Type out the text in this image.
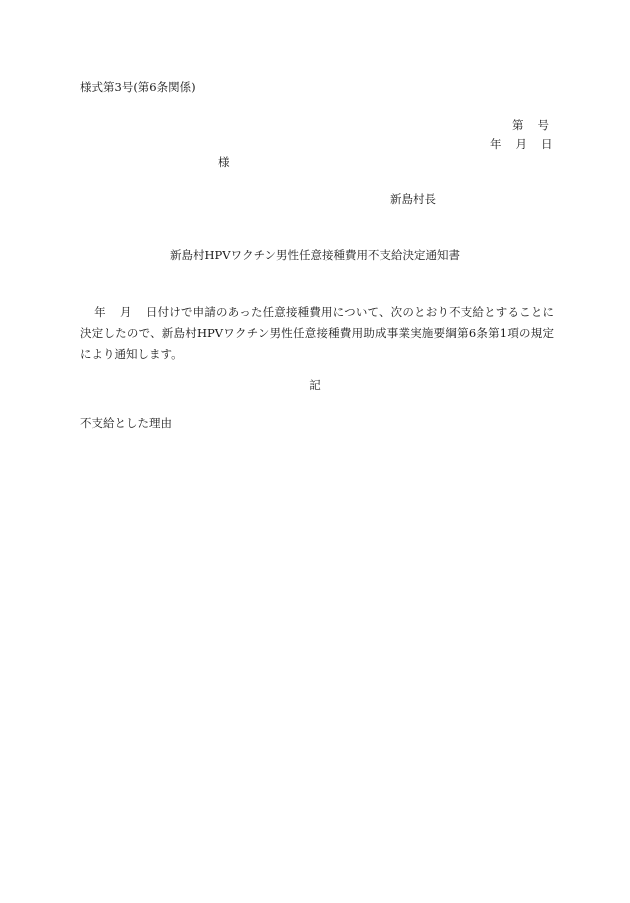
様式第3号(第6条関係)
第 号
年 月 日
様
新島村長
新島村HPVワクチン男性任意接種費用不支給決定通知書
年 月 日付けで申請のあった任意接種費用について、次のとおり不支給とすることに決定したので、新島村HPVワクチン男性任意接種費用助成事業実施要綱第6条第1項の規定により通知します。
記
不支給とした理由
